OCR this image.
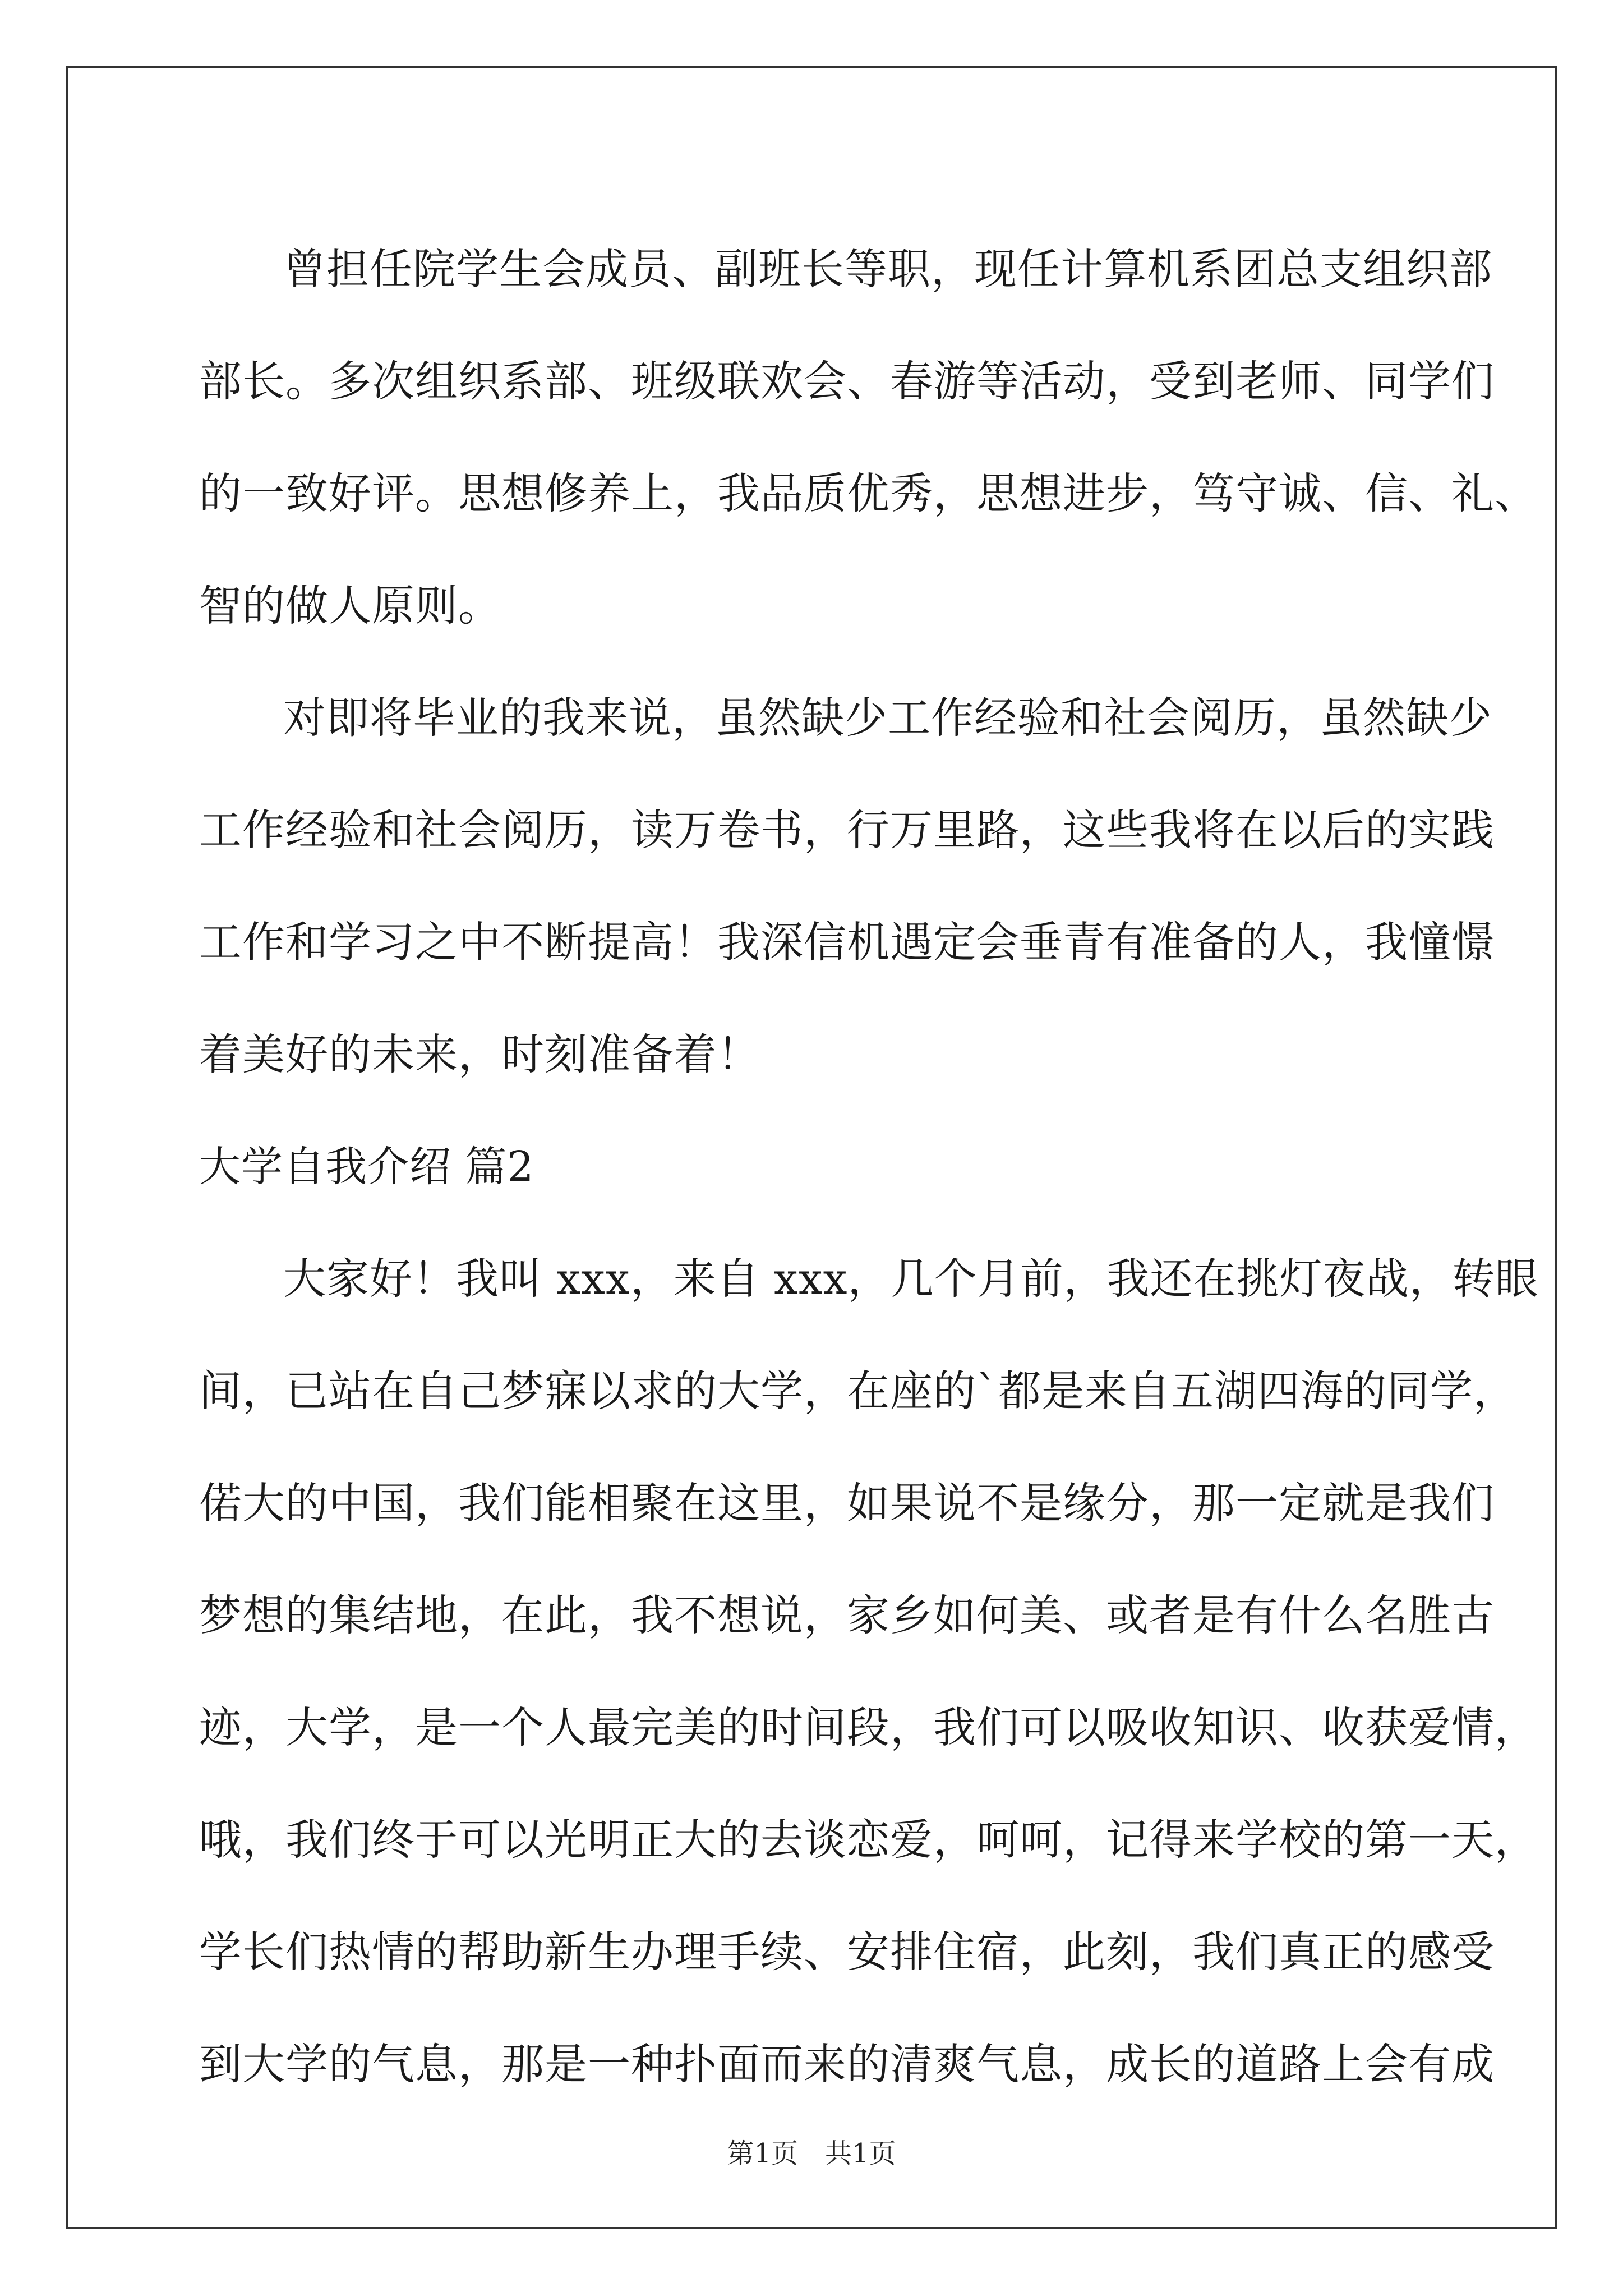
曾担任院学生会成员、副班长等职，现任计算机系团总支组织部
部长。多次组织系部、班级联欢会、春游等活动，受到老师、同学们
的一致好评。思想修养上，我品质优秀，思想进步，笃守诚、信、礼、
智的做人原则。
对即将毕业的我来说，虽然缺少工作经验和社会阅历，虽然缺少
工作经验和社会阅历，读万卷书，行万里路，这些我将在以后的实践
工作和学习之中不断提高！我深信机遇定会垂青有准备的人，我憧憬
着美好的未来，时刻准备着！
大学自我介绍 篇2
大家好！我叫 xxx，来自 xxx，几个月前，我还在挑灯夜战，转眼
间，已站在自己梦寐以求的大学，在座的`都是来自五湖四海的同学，
偌大的中国，我们能相聚在这里，如果说不是缘分，那一定就是我们
梦想的集结地，在此，我不想说，家乡如何美、或者是有什么名胜古
迹，大学，是一个人最完美的时间段，我们可以吸收知识、收获爱情，
哦，我们终于可以光明正大的去谈恋爱，呵呵，记得来学校的第一天，
学长们热情的帮助新生办理手续、安排住宿，此刻，我们真正的感受
到大学的气息，那是一种扑面而来的清爽气息，成长的道路上会有成
第1页　共1页
